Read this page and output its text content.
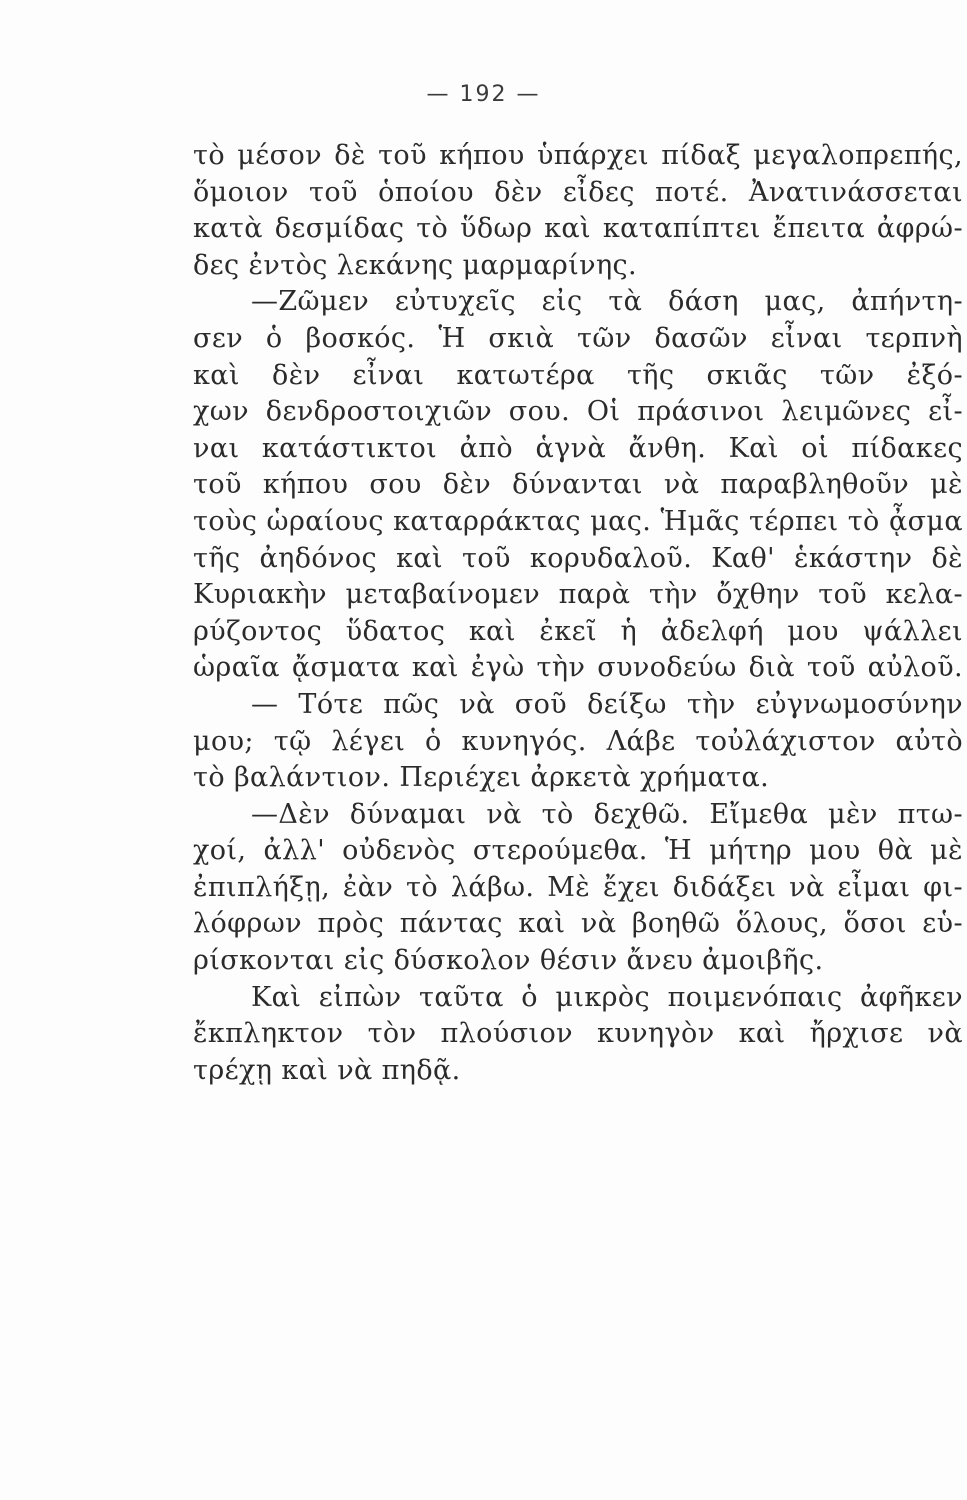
— 192 —
τὸ μέσον δὲ τοῦ κήπου ὑπάρχει πίδαξ μεγαλοπρεπής,
ὅμοιον τοῦ ὁποίου δὲν εἶδες ποτέ. Ἀνατινάσσεται
κατὰ δεσμίδας τὸ ὕδωρ καὶ καταπίπτει ἔπειτα ἀφρώ-
δες ἐντὸς λεκάνης μαρμαρίνης.
—Ζῶμεν εὐτυχεῖς εἰς τὰ δάση μας, ἀπήντη-
σεν ὁ βοσκός. Ἡ σκιὰ τῶν δασῶν εἶναι τερπνὴ
καὶ δὲν εἶναι κατωτέρα τῆς σκιᾶς τῶν ἐξό-
χων δενδροστοιχιῶν σου. Οἱ πράσινοι λειμῶνες εἶ-
ναι κατάστικτοι ἀπὸ ἁγνὰ ἄνθη. Καὶ οἱ πίδακες
τοῦ κήπου σου δὲν δύνανται νὰ παραβληθοῦν μὲ
τοὺς ὡραίους καταρράκτας μας. Ἡμᾶς τέρπει τὸ ᾆσμα
τῆς ἀηδόνος καὶ τοῦ κορυδαλοῦ. Καθ' ἑκάστην δὲ
Κυριακὴν μεταβαίνομεν παρὰ τὴν ὄχθην τοῦ κελα-
ρύζοντος ὕδατος καὶ ἐκεῖ ἡ ἀδελφή μου ψάλλει
ὡραῖα ᾄσματα καὶ ἐγὼ τὴν συνοδεύω διὰ τοῦ αὐλοῦ.
— Τότε πῶς νὰ σοῦ δείξω τὴν εὐγνωμοσύνην
μου; τῷ λέγει ὁ κυνηγός. Λάβε τοὐλάχιστον αὐτὸ
τὸ βαλάντιον. Περιέχει ἀρκετὰ χρήματα.
—Δὲν δύναμαι νὰ τὸ δεχθῶ. Εἴμεθα μὲν πτω-
χοί, ἀλλ' οὐδενὸς στερούμεθα. Ἡ μήτηρ μου θὰ μὲ
ἐπιπλήξῃ, ἐὰν τὸ λάβω. Μὲ ἔχει διδάξει νὰ εἶμαι φι-
λόφρων πρὸς πάντας καὶ νὰ βοηθῶ ὅλους, ὅσοι εὑ-
ρίσκονται εἰς δύσκολον θέσιν ἄνευ ἀμοιβῆς.
Καὶ εἰπὼν ταῦτα ὁ μικρὸς ποιμενόπαις ἀφῆκεν
ἔκπληκτον τὸν πλούσιον κυνηγὸν καὶ ἤρχισε νὰ
τρέχῃ καὶ νὰ πηδᾷ.
